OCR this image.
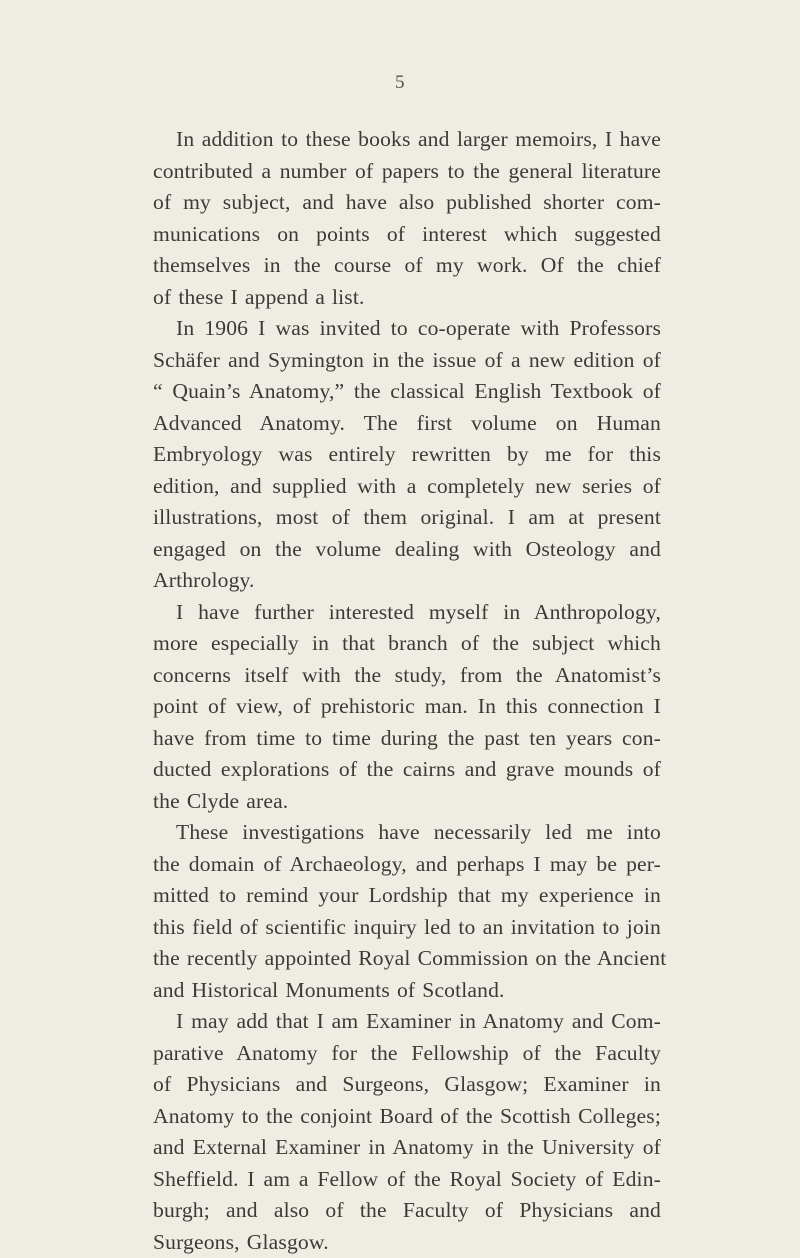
5

In addition to these books and larger memoirs, I have
contributed a number of papers to the general literature
of my subject, and have also published shorter com-
munications on points of interest which suggested
themselves in the course of my work. Of the chief
of these I append a list.

In 1906 I was invited to co-operate with Professors
Schäfer and Symington in the issue of a new edition of
“ Quain’s Anatomy,” the classical English Textbook of
Advanced Anatomy. The first volume on Human
Embryology was entirely rewritten by me for this
edition, and supplied with a completely new series of
illustrations, most of them original. I am at present
engaged on the volume dealing with Osteology and
Arthrology.

I have further interested myself in Anthropology,
more especially in that branch of the subject which
concerns itself with the study, from the Anatomist’s
point of view, of prehistoric man. In this connection I
have from time to time during the past ten years con-
ducted explorations of the cairns and grave mounds of
the Clyde area.

These investigations have necessarily led me into
the domain of Archaeology, and perhaps I may be per-
mitted to remind your Lordship that my experience in
this field of scientific inquiry led to an invitation to join
the recently appointed Royal Commission on the Ancient
and Historical Monuments of Scotland.

I may add that I am Examiner in Anatomy and Com-
parative Anatomy for the Fellowship of the Faculty
of Physicians and Surgeons, Glasgow; Examiner in
Anatomy to the conjoint Board of the Scottish Colleges;
and External Examiner in Anatomy in the University of
Sheffield. I am a Fellow of the Royal Society of Edin-
burgh; and also of the Faculty of Physicians and
Surgeons, Glasgow.
